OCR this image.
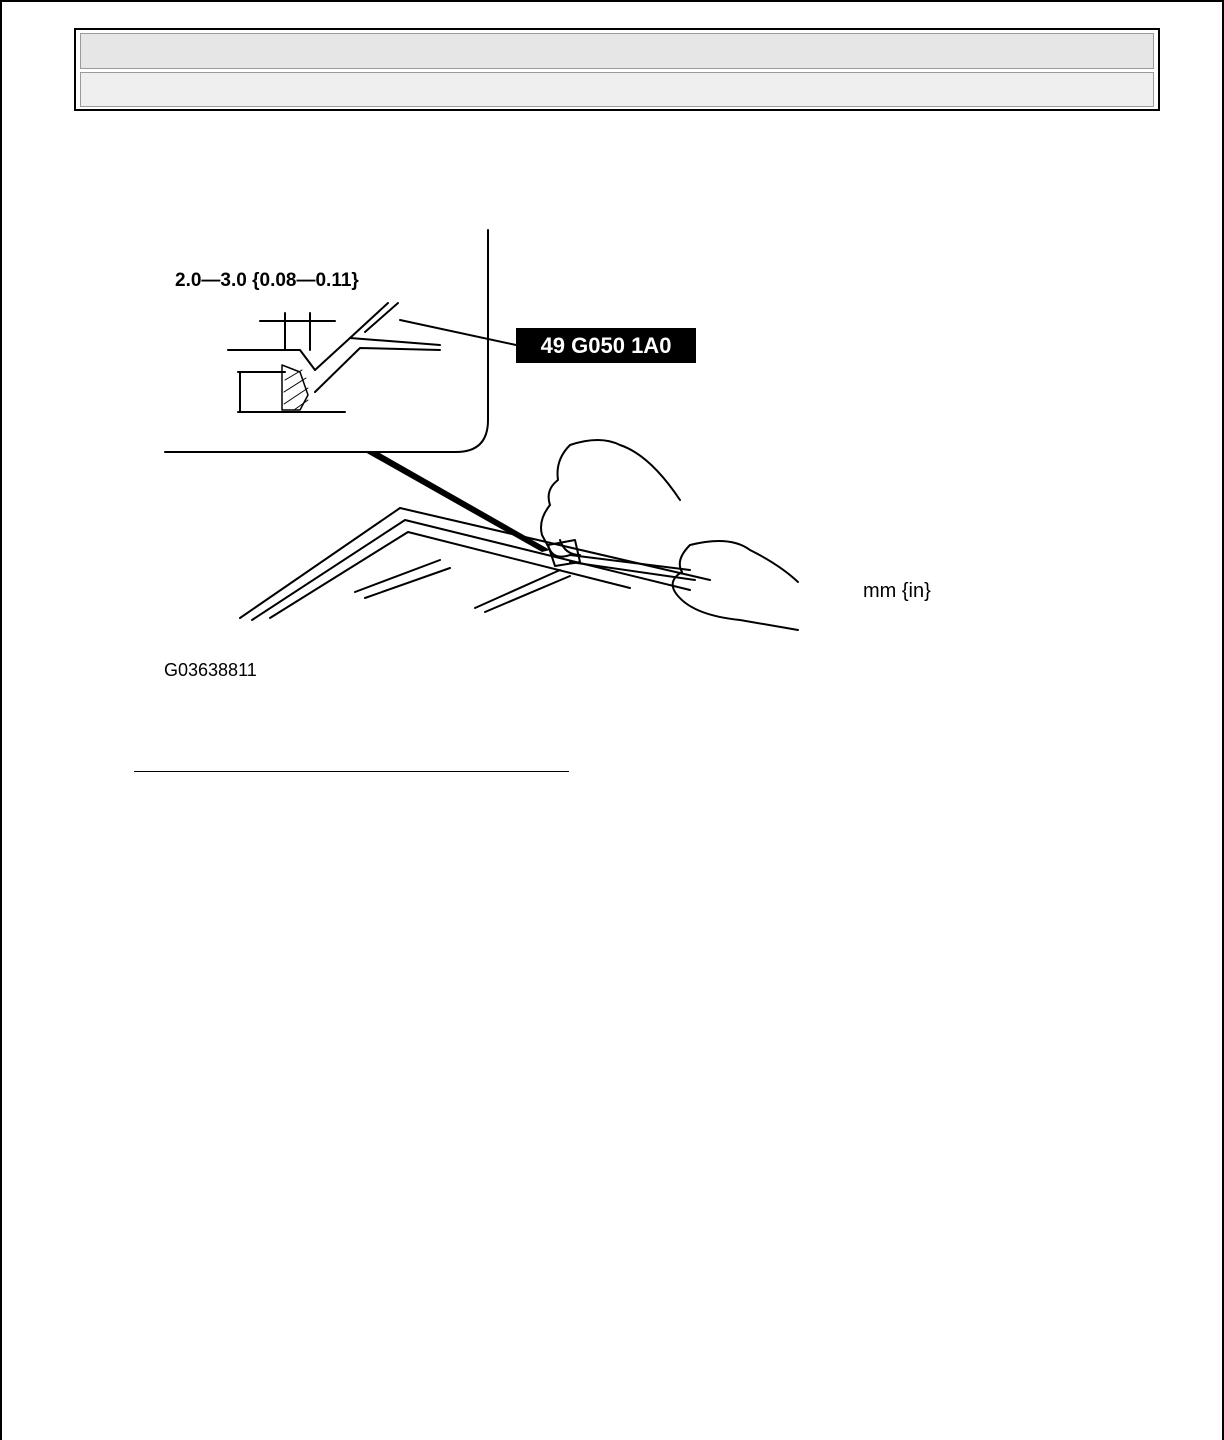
2.0—3.0 {0.08—0.11}
49 G050 1A0
mm {in}
G03638811
